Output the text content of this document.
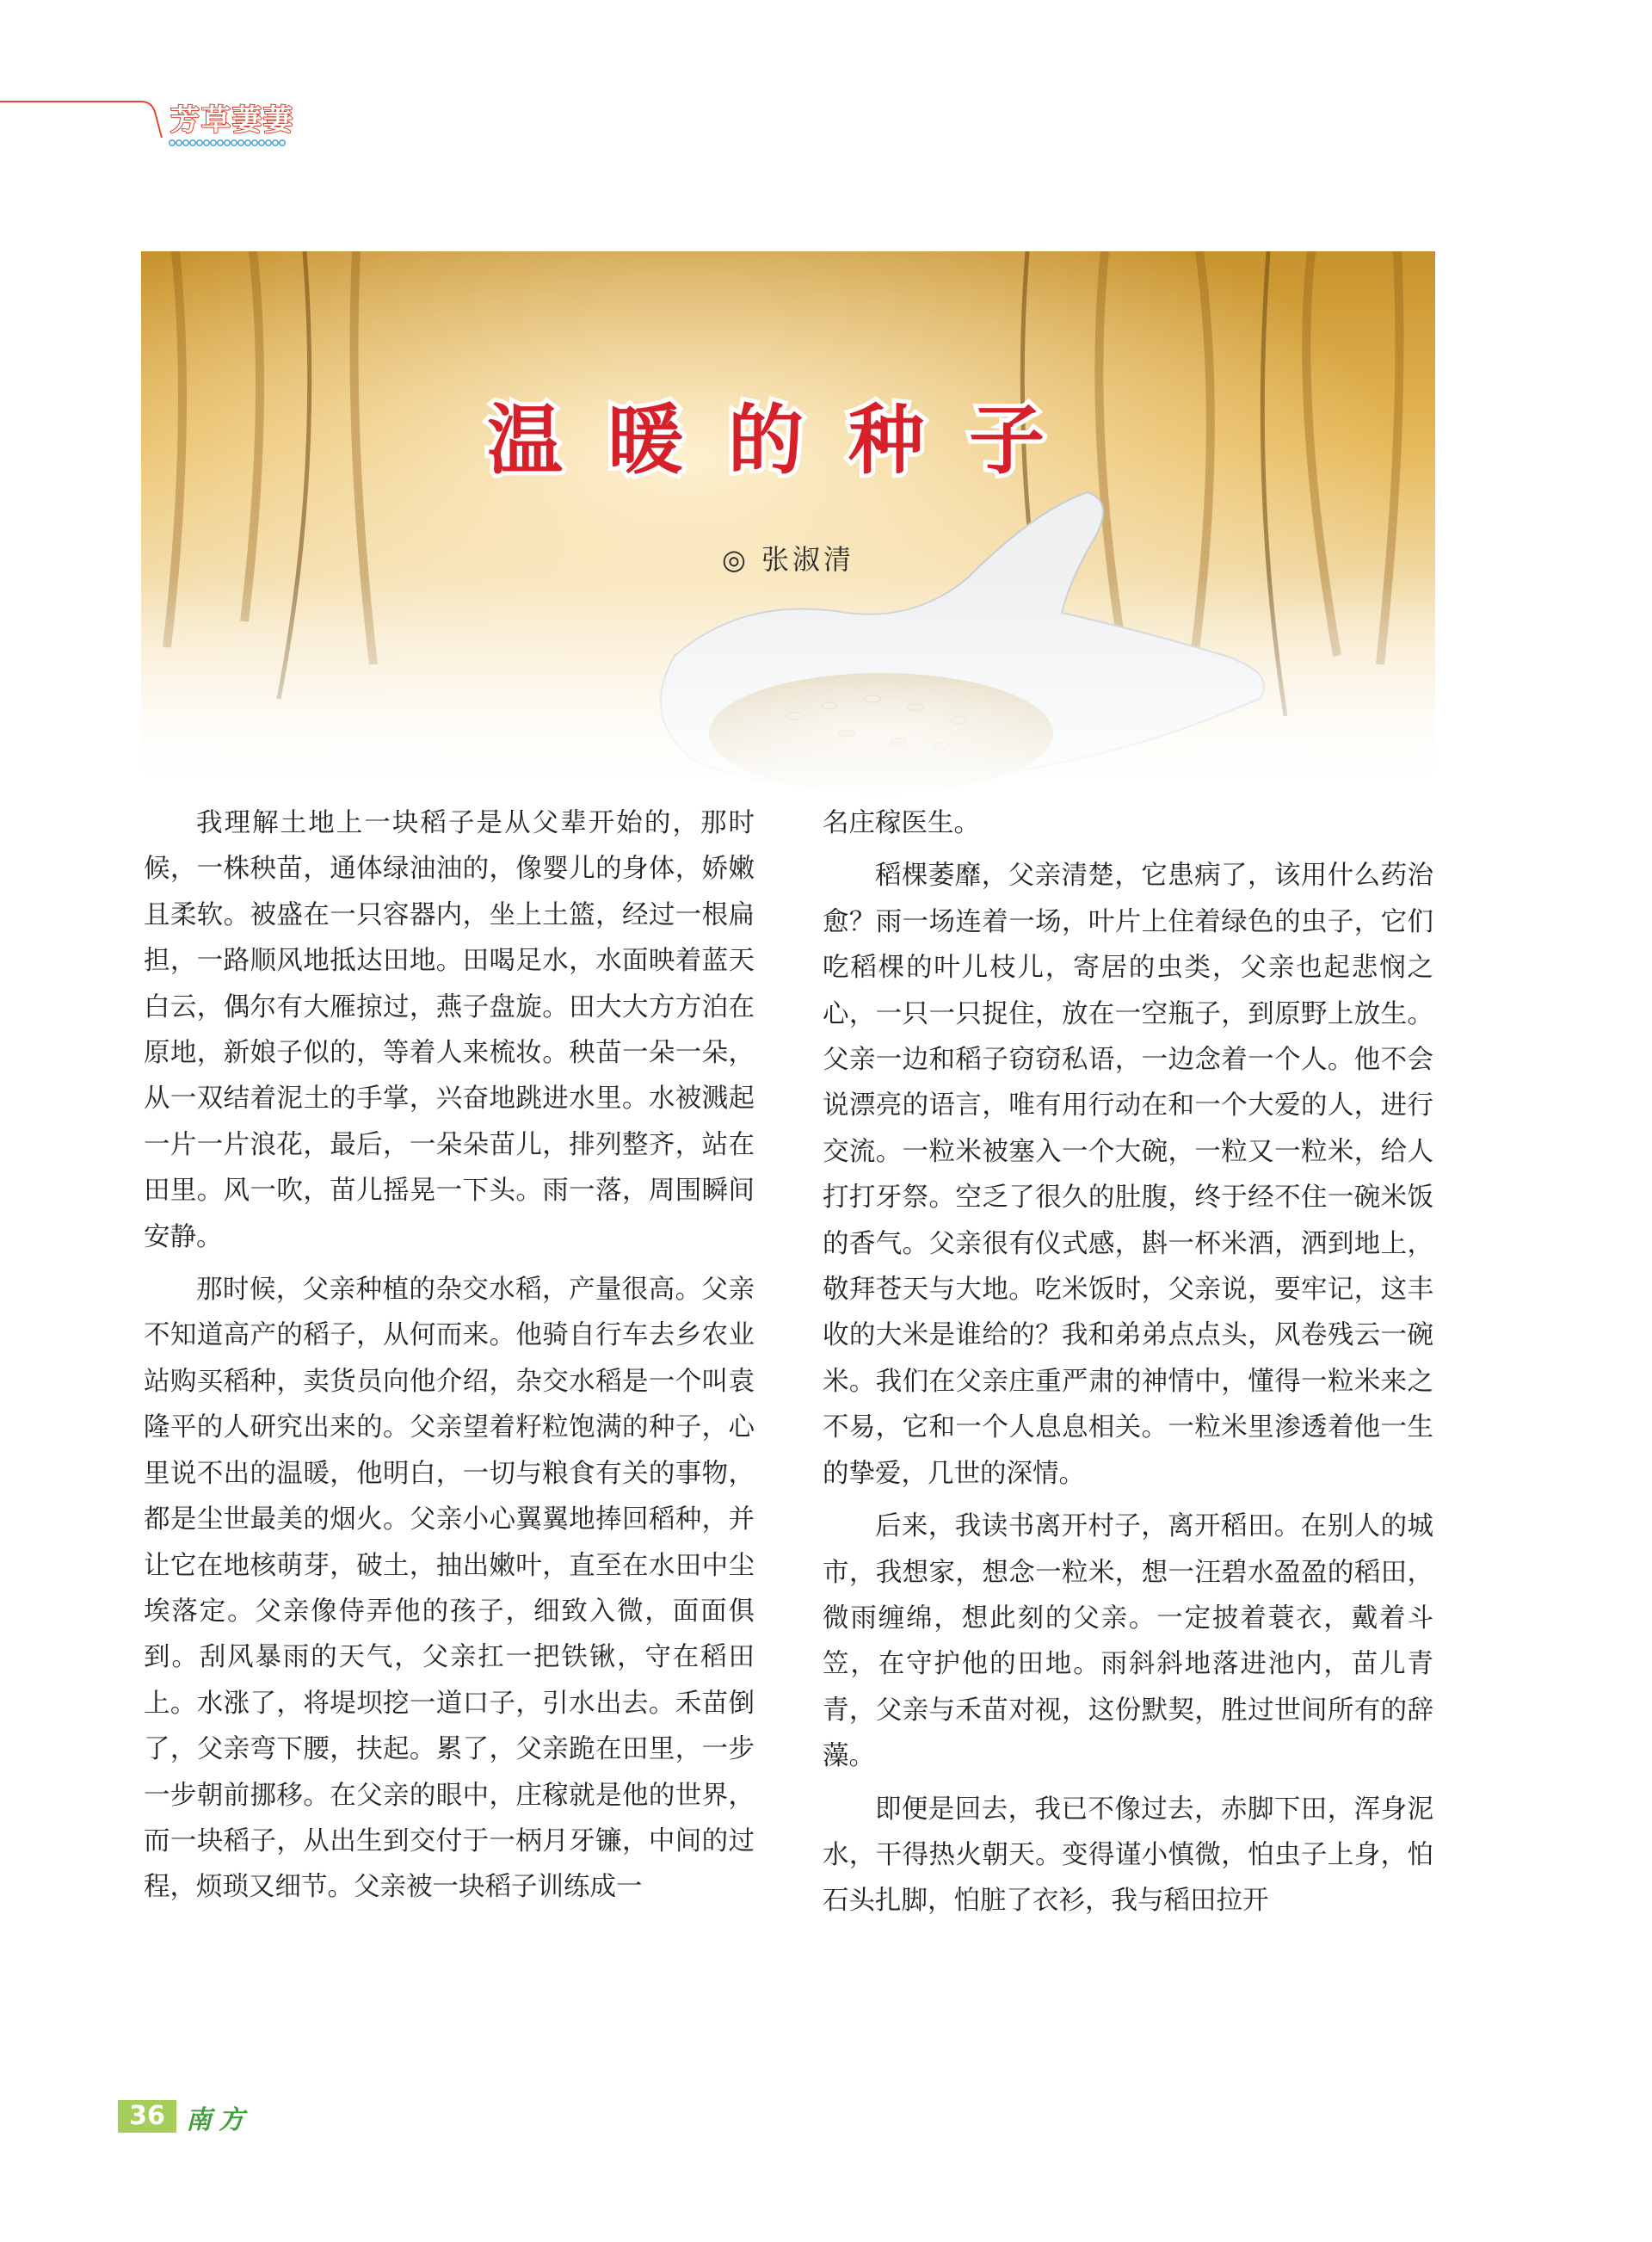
芳草萋萋
温暖的种子
◎ 张淑清

我理解土地上一块稻子是从父辈开始的，那时候，一株秧苗，通体绿油油的，像婴儿的身体，娇嫩且柔软。被盛在一只容器内，坐上土篮，经过一根扁担，一路顺风地抵达田地。田喝足水，水面映着蓝天白云，偶尔有大雁掠过，燕子盘旋。田大大方方泊在原地，新娘子似的，等着人来梳妆。秧苗一朵一朵，从一双结着泥土的手掌，兴奋地跳进水里。水被溅起一片一片浪花，最后，一朵朵苗儿，排列整齐，站在田里。风一吹，苗儿摇晃一下头。雨一落，周围瞬间安静。

那时候，父亲种植的杂交水稻，产量很高。父亲不知道高产的稻子，从何而来。他骑自行车去乡农业站购买稻种，卖货员向他介绍，杂交水稻是一个叫袁隆平的人研究出来的。父亲望着籽粒饱满的种子，心里说不出的温暖，他明白，一切与粮食有关的事物，都是尘世最美的烟火。父亲小心翼翼地捧回稻种，并让它在地核萌芽，破土，抽出嫩叶，直至在水田中尘埃落定。父亲像侍弄他的孩子，细致入微，面面俱到。刮风暴雨的天气，父亲扛一把铁锹，守在稻田上。水涨了，将堤坝挖一道口子，引水出去。禾苗倒了，父亲弯下腰，扶起。累了，父亲跪在田里，一步一步朝前挪移。在父亲的眼中，庄稼就是他的世界，而一块稻子，从出生到交付于一柄月牙镰，中间的过程，烦琐又细节。父亲被一块稻子训练成一

名庄稼医生。

稻棵萎靡，父亲清楚，它患病了，该用什么药治愈？雨一场连着一场，叶片上住着绿色的虫子，它们吃稻棵的叶儿枝儿，寄居的虫类，父亲也起悲悯之心，一只一只捉住，放在一空瓶子，到原野上放生。父亲一边和稻子窃窃私语，一边念着一个人。他不会说漂亮的语言，唯有用行动在和一个大爱的人，进行交流。一粒米被塞入一个大碗，一粒又一粒米，给人打打牙祭。空乏了很久的肚腹，终于经不住一碗米饭的香气。父亲很有仪式感，斟一杯米酒，洒到地上，敬拜苍天与大地。吃米饭时，父亲说，要牢记，这丰收的大米是谁给的？我和弟弟点点头，风卷残云一碗米。我们在父亲庄重严肃的神情中，懂得一粒米来之不易，它和一个人息息相关。一粒米里渗透着他一生的挚爱，几世的深情。

后来，我读书离开村子，离开稻田。在别人的城市，我想家，想念一粒米，想一汪碧水盈盈的稻田，微雨缠绵，想此刻的父亲。一定披着蓑衣，戴着斗笠，在守护他的田地。雨斜斜地落进池内，苗儿青青，父亲与禾苗对视，这份默契，胜过世间所有的辞藻。

即便是回去，我已不像过去，赤脚下田，浑身泥水，干得热火朝天。变得谨小慎微，怕虫子上身，怕石头扎脚，怕脏了衣衫，我与稻田拉开

36 南方
